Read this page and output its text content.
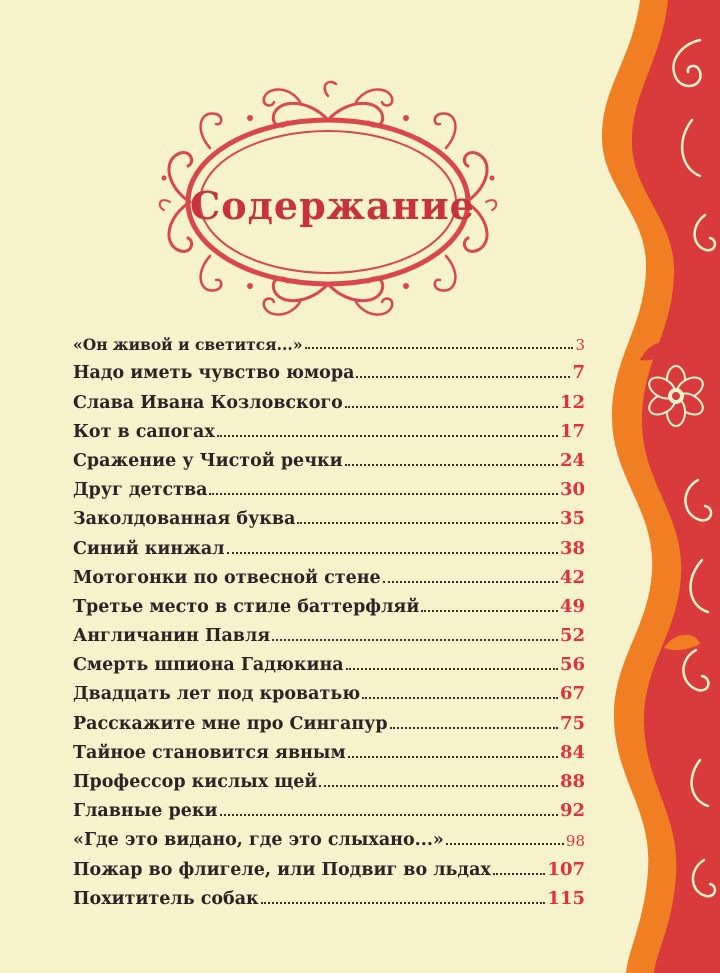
Содержание
«Он живой и светится...»	3
Надо иметь чувство юмора	7
Слава Ивана Козловского	12
Кот в сапогах	17
Сражение у Чистой речки	24
Друг детства	30
Заколдованная буква	35
Синий кинжал	38
Мотогонки по отвесной стене	42
Третье место в стиле баттерфляй	49
Англичанин Павля	52
Смерть шпиона Гадюкина	56
Двадцать лет под кроватью	67
Расскажите мне про Сингапур	75
Тайное становится явным	84
Профессор кислых щей	88
Главные реки	92
«Где это видано, где это слыхано...»	98
Пожар во флигеле, или Подвиг во льдах	107
Похититель собак	115
